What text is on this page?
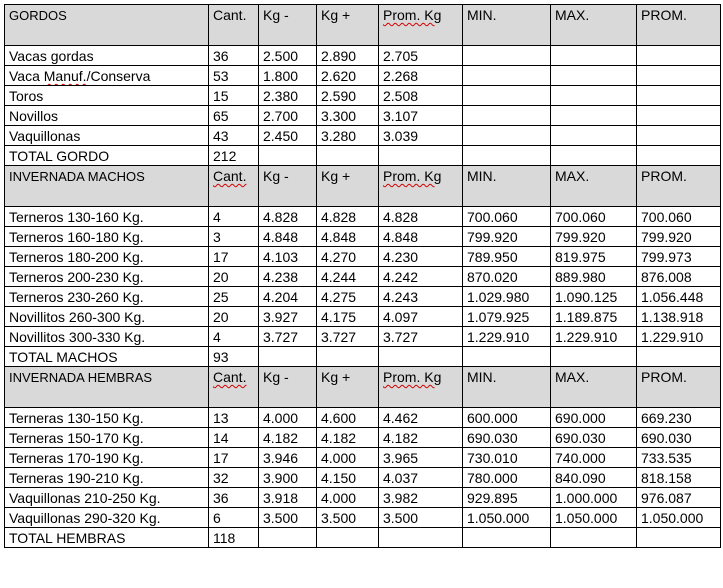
GORDOS	Cant.	Kg -	Kg +	Prom. Kg	MIN.	MAX.	PROM.
Vacas gordas	36	2.500	2.890	2.705			
Vaca Manuf./Conserva	53	1.800	2.620	2.268			
Toros	15	2.380	2.590	2.508			
Novillos	65	2.700	3.300	3.107			
Vaquillonas	43	2.450	3.280	3.039			
TOTAL GORDO	212						
INVERNADA MACHOS	Cant.	Kg -	Kg +	Prom. Kg	MIN.	MAX.	PROM.
Terneros 130-160 Kg.	4	4.828	4.828	4.828	700.060	700.060	700.060
Terneros 160-180 Kg.	3	4.848	4.848	4.848	799.920	799.920	799.920
Terneros 180-200 Kg.	17	4.103	4.270	4.230	789.950	819.975	799.973
Terneros 200-230 Kg.	20	4.238	4.244	4.242	870.020	889.980	876.008
Terneros 230-260 Kg.	25	4.204	4.275	4.243	1.029.980	1.090.125	1.056.448
Novillitos 260-300 Kg.	20	3.927	4.175	4.097	1.079.925	1.189.875	1.138.918
Novillitos 300-330 Kg.	4	3.727	3.727	3.727	1.229.910	1.229.910	1.229.910
TOTAL MACHOS	93						
INVERNADA HEMBRAS	Cant.	Kg -	Kg +	Prom. Kg	MIN.	MAX.	PROM.
Terneras 130-150 Kg.	13	4.000	4.600	4.462	600.000	690.000	669.230
Terneras 150-170 Kg.	14	4.182	4.182	4.182	690.030	690.030	690.030
Terneras 170-190 Kg.	17	3.946	4.000	3.965	730.010	740.000	733.535
Terneras 190-210 Kg.	32	3.900	4.150	4.037	780.000	840.090	818.158
Vaquillonas 210-250 Kg.	36	3.918	4.000	3.982	929.895	1.000.000	976.087
Vaquillonas 290-320 Kg.	6	3.500	3.500	3.500	1.050.000	1.050.000	1.050.000
TOTAL HEMBRAS	118						
